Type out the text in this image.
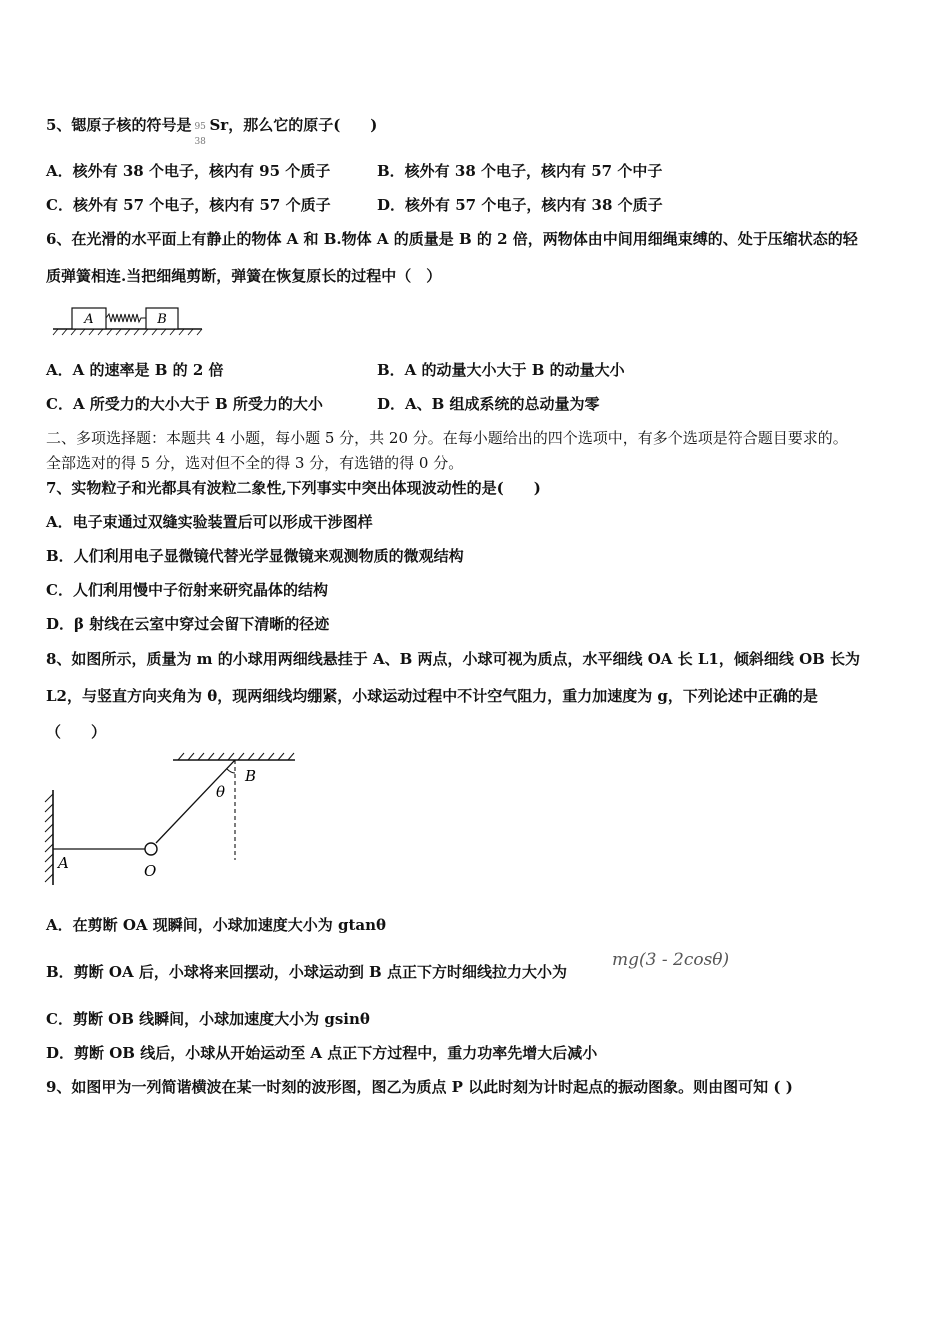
5、锶原子核的符号是 95
38
Sr，那么它的原子(　　)
A．核外有 38 个电子，核内有 95 个质子	B．核外有 38 个电子，核内有 57 个中子
C．核外有 57 个电子，核内有 57 个质子	D．核外有 57 个电子，核内有 38 个质子
6、在光滑的水平面上有静止的物体 A 和 B.物体 A 的质量是 B 的 2 倍，两物体由中间用细绳束缚的、处于压缩状态的轻
质弹簧相连.当把细绳剪断，弹簧在恢复原长的过程中（　）
A	B
A．A 的速率是 B 的 2 倍	B．A 的动量大小大于 B 的动量大小
C．A 所受力的大小大于 B 所受力的大小	D．A、B 组成系统的总动量为零
二、多项选择题：本题共 4 小题，每小题 5 分，共 20 分。在每小题给出的四个选项中，有多个选项是符合题目要求的。
全部选对的得 5 分，选对但不全的得 3 分，有选错的得 0 分。
7、实物粒子和光都具有波粒二象性,下列事实中突出体现波动性的是(　　)
A．电子束通过双缝实验装置后可以形成干涉图样
B．人们利用电子显微镜代替光学显微镜来观测物质的微观结构
C．人们利用慢中子衍射来研究晶体的结构
D．β 射线在云室中穿过会留下清晰的径迹
8、如图所示，质量为 m 的小球用两细线悬挂于 A、B 两点，小球可视为质点，水平细线 OA 长 L1，倾斜细线 OB 长为
L2，与竖直方向夹角为 θ，现两细线均绷紧，小球运动过程中不计空气阻力，重力加速度为 g，下列论述中正确的是
（　　）
A	O
B
θ
A．在剪断 OA 现瞬间，小球加速度大小为 gtanθ
B．剪断 OA 后，小球将来回摆动，小球运动到 B 点正下方时细线拉力大小为
mg(3 - 2cosθ)
C．剪断 OB 线瞬间，小球加速度大小为 gsinθ
D．剪断 OB 线后，小球从开始运动至 A 点正下方过程中，重力功率先增大后减小
9、如图甲为一列简谐横波在某一时刻的波形图，图乙为质点 P 以此时刻为计时起点的振动图象。则由图可知 ( )
